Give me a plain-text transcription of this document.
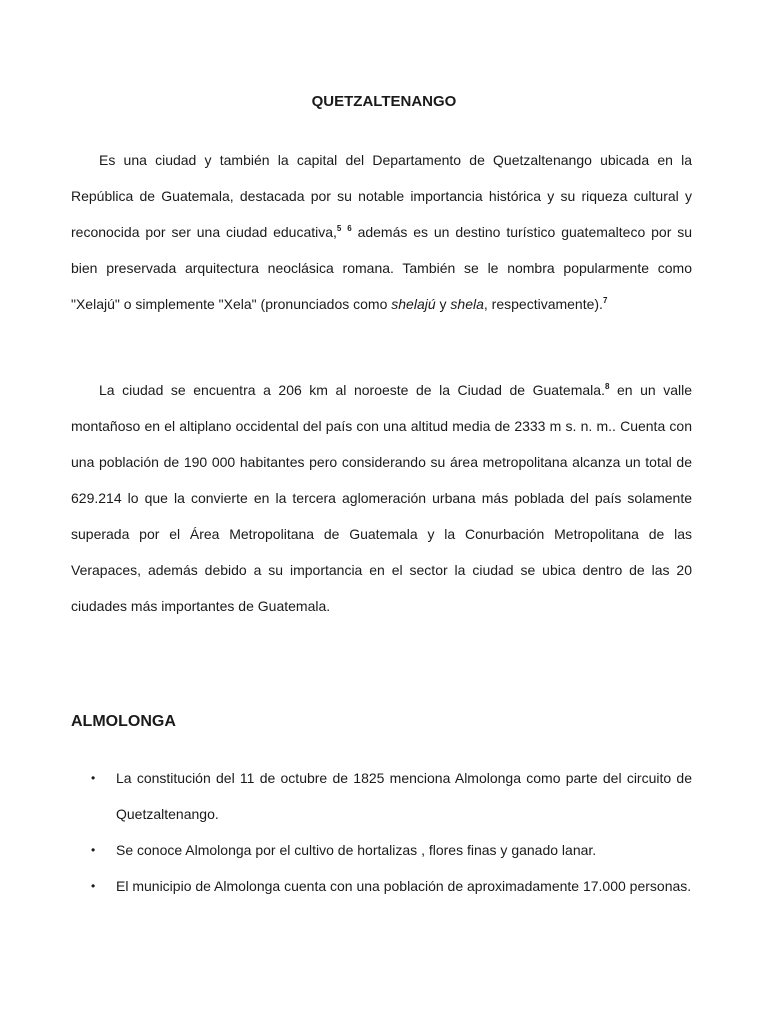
QUETZALTENANGO

Es una ciudad y también la capital del Departamento de Quetzaltenango ubicada en la República de Guatemala, destacada por su notable importancia histórica y su riqueza cultural y reconocida por ser una ciudad educativa,$^5$ $^6$ además es un destino turístico guatemalteco por su bien preservada arquitectura neoclásica romana. También se le nombra popularmente como "Xelajú" o simplemente "Xela" (pronunciados como shelajú y shela, respectivamente).$^7$

La ciudad se encuentra a 206 km al noroeste de la Ciudad de Guatemala.$^8$ en un valle montañoso en el altiplano occidental del país con una altitud media de 2333 m s. n. m.. Cuenta con una población de 190 000 habitantes pero considerando su área metropolitana alcanza un total de 629.214 lo que la convierte en la tercera aglomeración urbana más poblada del país solamente superada por el Área Metropolitana de Guatemala y la Conurbación Metropolitana de las Verapaces, además debido a su importancia en el sector la ciudad se ubica dentro de las 20 ciudades más importantes de Guatemala.

ALMOLONGA
• La constitución del 11 de octubre de 1825 menciona Almolonga como parte del circuito de Quetzaltenango.
• Se conoce Almolonga por el cultivo de hortalizas , flores finas y ganado lanar.
• El municipio de Almolonga cuenta con una población de aproximadamente 17.000 personas.
